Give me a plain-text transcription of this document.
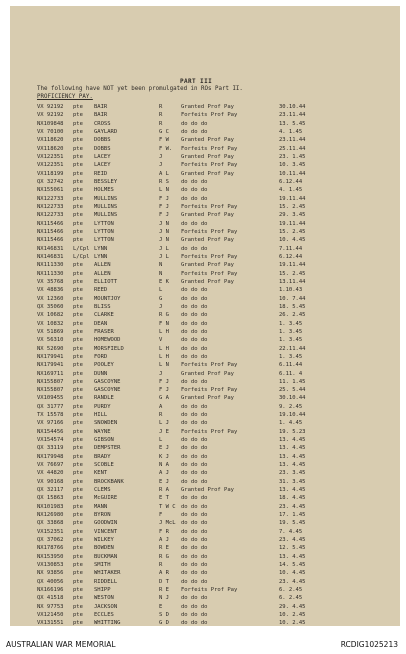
PART III
The following have NOT yet been promulgated in ROs Part II.
PROFICIENCY PAY.
VX 92192 pte BAIR	R	Granted Prof Pay	30.10.44
VX 92192 pte BAIR	R	Forfeits Prof Pay	23.11.44
NX109848 pte CROSS	R	do do do	13. 5.45
VX 70100 pte GAYLARD	G C do do do	4. 1.45
VX118620 pte DOBBS	F W Granted Prof Pay	23.11.44
VX118620 pte DOBBS	F W. Forfeits Prof Pay	25.11.44
VX122351 pte LACEY	J	Granted Prof Pay	23. 1.45
VX122351 pte LACEY	J	Forfeits Prof Pay	10. 3.45
VX118199 pte REID	A L Granted Prof Pay	10.11.44
QX 32742 pte BESSLEY	R S do do do	6.12.44
NX155061 pte HOLMES	L N do do do	4. 1.45
NX122733 pte MULLINS	F J do do do	19.11.44
NX122733 pte MULLINS	F J Forfeits Prof Pay	15. 2.45
NX122733 pte MULLINS	F J Granted Prof Pay	29. 3.45
NX115466 pte LYTTON	J N do do do	19.11.44
NX115466 pte LYTTON	J N Forfeits Prof Pay	15. 2.45
NX115466 pte LYTTON	J N Granted Prof Pay	10. 4.45
NX146831 L/Cpl LYNN	J L do do do	7.11.44
NX146831 L/Cpl LYNN	J L Forfeits Prof Pay	6.12.44
NX111330 pte ALLEN	N	Granted Prof Pay	19.11.44
NX111330 pte ALLEN	N	Forfeits Prof Pay	15. 2.45
VX 35768 pte ELLIOTT	E K Granted Prof Pay	13.11.44
VX 48836 pte REED	L	do do do	1.10.43
VX 12360 pte MOUNTJOY	G	do do do	10. 7.44
QX 35060 pte BLISS	J	do do do	18. 5.45
VX 10682 pte CLARKE	R G do do do	26. 2.45
VX 10832 pte DEAN	F N do do do	1. 3.45
VX 51869 pte FRASER	L H do do do	1. 3.45
VX 56310 pte HOMEWOOD	V	do do do	1. 3.45
NX 52690 pte MORSFIELD	L H do do do	22.11.44
NX179941 pte FORD	L H do do do	1. 3.45
NX179941 pte POOLEY	L N Forfeits Prof Pay	6.11.44
NX169711 pte DUNN	J	Granted Prof Pay	6.11. 4
NX155807 pte GASCOYNE	F J do do do	11. 1.45
NX155807 pte GASCOYNE	F J Forfeits Prof Pay	25. 5.44
VX109455 pte RANDLE	G A Granted Prof Pay	30.10.44
QX 31777 pte PURDY	A	do do do	9. 2.45
TX 15578 pte HILL	R	do do do	19.10.44
VX 97166 pte SNOWDEN	L J do do do	1. 4.45
NX154456 pte WAYNE	J E Forfeits Prof Pay	19. 5.23
VX154574 pte GIBSON	L	do do do	13. 4.45
QX 33119 pte DEMPSTER	E J do do do	13. 4.45
NX179948 pte BRADY	K J do do do	13. 4.45
VX 76697 pte SCOBLE	N A do do do	13. 4.45
VX 44820 pte KENT	A J do do do	23. 3.45
VX 90168 pte BROCKBANK	E J do do do	31. 3.45
QX 32117 pte CLEMS	R A Granted Prof Pay	13. 4.45
QX 15863 pte McGUIRE	E T do do do	18. 4.45
NX101983 pte MANN	T W C do do do	23. 4.45
NX126980 pte BYRON	F	do do do	17. 1.45
QX 33868 pte GOODWIN	J McL do do do	19. 5.45
VX152351 pte VINCENT	F R do do do	7. 4.45
QX 37062 pte WILKEY	A J do do do	23. 4.45
NX178766 pte BOWDEN	R E do do do	12. 5.45
NX153950 pte BUCKMAN	R G do do do	13. 4.45
VX130853 pte SMITH	R	do do do	14. 5.45
NX 93856 pte WHITAKER	A R do do do	10. 4.45
QX 40056 pte RIDDELL	D T do do do	23. 4.45
NX166196 pte SHIPP	R E Forfeits Prof Pay	6. 2.45
QX 41518 pte WESTON	N J do do do	6. 2.45
NX 97753 pte JACKSON	E	do do do	29. 4.45
VX121450 pte ECCLES	S D do do do	10. 2.45
VX131551 pte WHITTING	G D do do do	10. 2.45
AUSTRALIAN WAR MEMORIAL	RCDIG1025213
